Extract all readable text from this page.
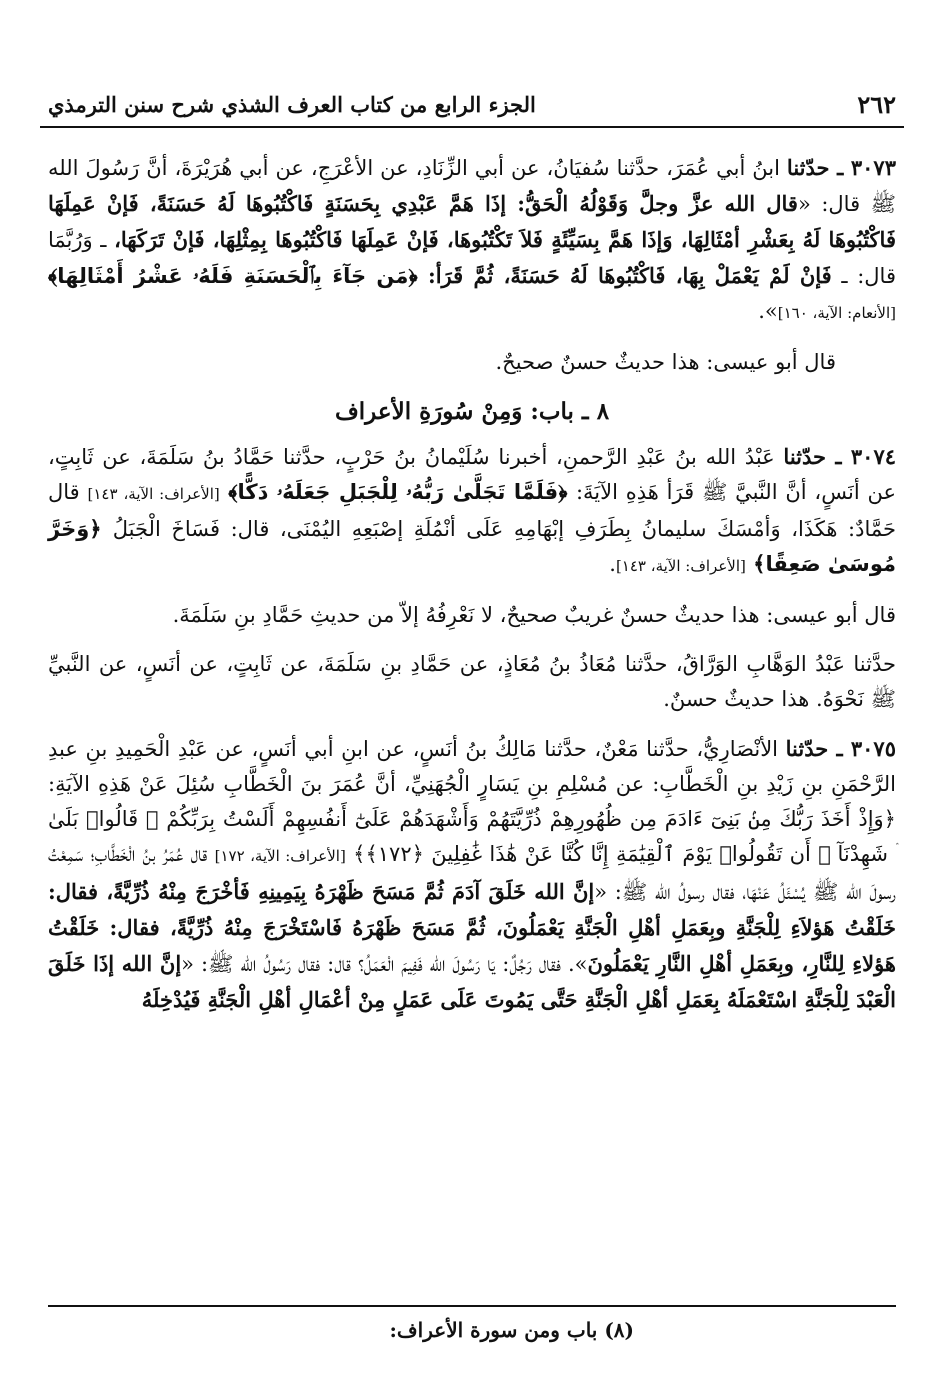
٢٦٢
الجزء الرابع من كتاب العرف الشذي شرح سنن الترمذي

٣٠٧٣ ـ حدّثنا ابنُ أبي عُمَرَ، حدَّثنا سُفيَانُ، عن أبي الزِّنَادِ، عن الأعْرَجِ، عن أبي هُرَيْرَةَ، أنَّ رَسُولَ الله ﷺ قال: «قال الله عزَّ وجلَّ وَقَوْلُهُ الْحَقُّ: إذَا هَمَّ عَبْدِي بِحَسَنَةٍ فَاكْتُبُوهَا لَهُ حَسَنَةً، فَإنْ عَمِلَهَا فَاكْتُبُوهَا لَهُ بِعَشْرِ أمْثَالِهَا، وَإذَا هَمَّ بِسَيِّئَةٍ فَلاَ تَكْتُبُوهَا، فَإنْ عَمِلَهَا فَاكْتُبُوهَا بِمِثْلِهَا، فَإنْ تَرَكَهَا، ـ وَرُبَّمَا قال: ـ فَإنْ لَمْ يَعْمَلْ بِهَا، فَاكْتُبُوهَا لَهُ حَسَنَةً، ثُمَّ قَرَأ: ﴿مَن جَآءَ بِٱلْحَسَنَةِ فَلَهُۥ عَشْرُ أَمْثَالِهَا﴾ [الأنعام: الآية، ١٦٠]».

قال أبو عيسى: هذا حديثٌ حسنٌ صحيحٌ.

٨ ـ باب: وَمِنْ سُورَةِ الأعراف

٣٠٧٤ ـ حدّثنا عَبْدُ الله بنُ عَبْدِ الرَّحمنِ، أخبرنا سُلَيْمانُ بنُ حَرْبٍ، حدَّثنا حَمَّادُ بنُ سَلَمَةَ، عن ثَابِتٍ، عن أنَسٍ، أنَّ النَّبيَّ ﷺ قَرَأ هَذِهِ الآيَةَ: ﴿فَلَمَّا تَجَلَّىٰ رَبُّهُۥ لِلْجَبَلِ جَعَلَهُۥ دَكًّا﴾ [الأعراف: الآية، ١٤٣] قال حَمَّادٌ: هَكَذَا، وَأمْسَكَ سليمانُ بِطَرَفِ إبْهَامِهِ عَلَى أنْمُلَةِ إصْبَعِهِ اليُمْنَى، قال: فَسَاخَ الْجَبَلُ ﴿وَخَرَّ مُوسَىٰ صَعِقًا﴾ [الأعراف: الآية، ١٤٣].

قال أبو عيسى: هذا حديثٌ حسنٌ غريبٌ صحيحٌ، لا نَعْرِفُهُ إلاّ من حديثِ حَمَّادِ بنِ سَلَمَةَ.

حدَّثنا عَبْدُ الوَهَّابِ الوَرَّاقُ، حدَّثنا مُعَاذُ بنُ مُعَاذٍ، عن حَمَّادِ بنِ سَلَمَةَ، عن ثَابِتٍ، عن أنَسٍ، عن النَّبيِّ ﷺ نَحْوَهُ. هذا حديثٌ حسنٌ.

٣٠٧٥ ـ حدّثنا الأنْصَارِيُّ، حدَّثنا مَعْنٌ، حدَّثنا مَالِكُ بنُ أنَسٍ، عن ابنِ أبي أنَسٍ، عن عَبْدِ الْحَمِيدِ بنِ عبدِ الرَّحْمَنِ بنِ زَيْدِ بنِ الْخَطَّابِ: عن مُسْلِمِ بنِ يَسَارٍ الْجُهَنِيِّ، أنَّ عُمَرَ بنَ الْخَطَّابِ سُئِلَ عَنْ هَذِهِ الآيَةِ: ﴿وَإِذْ أَخَذَ رَبُّكَ مِنۢ بَنِىٓ ءَادَمَ مِن ظُهُورِهِمْ ذُرِّيَّتَهُمْ وَأَشْهَدَهُمْ عَلَىٰٓ أَنفُسِهِمْ أَلَسْتُ بِرَبِّكُمْ ۖ قَالُوا۟ بَلَىٰ ۛ شَهِدْنَآ ۛ أَن تَقُولُوا۟ يَوْمَ ٱلْقِيَٰمَةِ إِنَّا كُنَّا عَنْ هَٰذَا غَٰفِلِينَ ﴿١٧٢﴾﴾ [الأعراف: الآية، ١٧٢] قال عُمَرُ بنُ الْخَطَّابِ؛ سَمِعْتُ رسولَ الله ﷺ يُسْئَلُ عَنْهَا، فقال رسولُ الله ﷺ: «إنَّ الله خَلَقَ آدَمَ ثُمَّ مَسَحَ ظَهْرَهُ بِيَمِينِهِ فَأخْرَجَ مِنْهُ ذُرِّيَّةً، فقال: خَلَقْتُ هَؤلاَءِ لِلْجَنَّةِ وبِعَمَلِ أهْلِ الْجَنَّةِ يَعْمَلُونَ، ثُمَّ مَسَحَ ظَهْرَهُ فَاسْتَخْرَجَ مِنْهُ ذُرِّيَّةً، فقال: خَلَقْتُ هَؤلاءِ لِلنَّارِ، وبِعَمَلِ أهْلِ النَّارِ يَعْمَلُونَ». فقال رَجُلٌ: يَا رَسُولَ الله فَفِيمَ الْعَمَلُ؟ قال: فقال رَسُولُ الله ﷺ: «إنَّ الله إذَا خَلَقَ الْعَبْدَ لِلْجَنَّةِ اسْتَعْمَلَهُ بِعَمَلِ أهْلِ الْجَنَّةِ حَتَّى يَمُوتَ عَلَى عَمَلٍ مِنْ أعْمَالِ أهْلِ الْجَنَّةِ فَيُدْخِلَهُ

(٨) باب ومن سورة الأعراف:
